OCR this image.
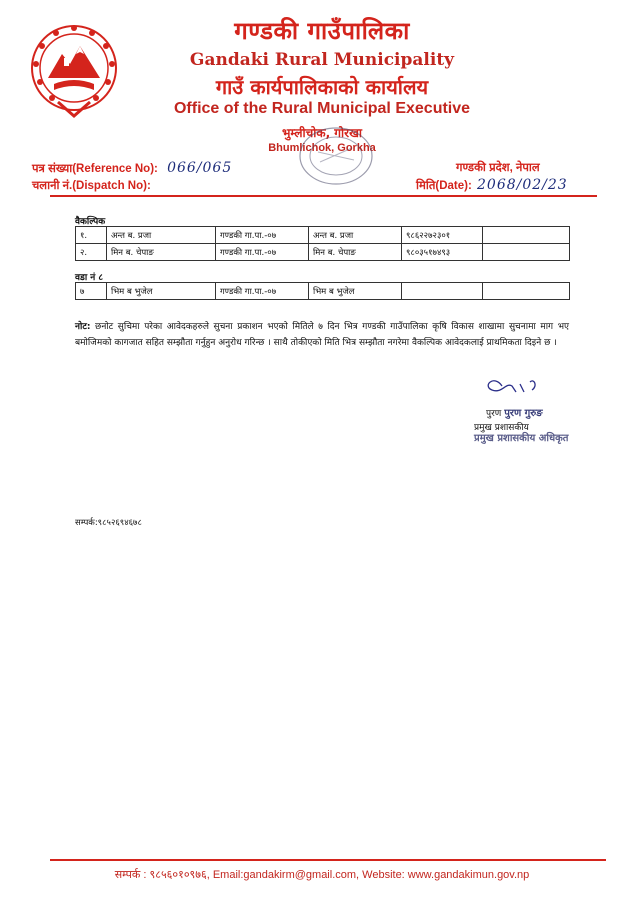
गण्डकी गाउँपालिका
Gandaki Rural Municipality
गाउँ कार्यपालिकाको कार्यालय
Office of the Rural Municipal Executive
भुम्लीचोक, गोरखा
Bhumlichok, Gorkha
पत्र संख्या(Reference No): 066/065
चलानी नं.(Dispatch No):
गण्डकी प्रदेश, नेपाल
मिति(Date): 2068/02/23
वैकल्पिक
१.	अन्त ब. प्रजा	गण्डकी गा.पा.-०७	अन्त ब. प्रजा	९८६२२७२३०१	
२.	मिन ब. चेपाङ	गण्डकी गा.पा.-०७	मिन ब. चेपाङ	९८०३५१७४९३	
वडा नं ८
७	भिम ब भुजेल	गण्डकी गा.पा.-०७	भिम ब भुजेल		
नोट: छनोट सुचिमा परेका आवेदकहरुले सुचना प्रकाशन भएको मितिले ७ दिन भित्र गण्डकी गाउँपालिका कृषि विकास शाखामा सुचनामा माग भए बमोजिमको कागजात सहित सम्झौता गर्नुहुन अनुरोध गरिन्छ । साथै तोकीएको मिति भित्र सम्झौता नगरेमा वैकल्पिक आवेदकलाई प्राथमिकता दिइने छ ।
पुरण पुरण गुरुङ
प्रमुख प्रशासकीय
प्रमुख प्रशासकीय अधिकृत
सम्पर्क:९८५२६९४६७८
सम्पर्क : ९८५६०१०९७६, Email:gandakirm@gmail.com, Website: www.gandakimun.gov.np
